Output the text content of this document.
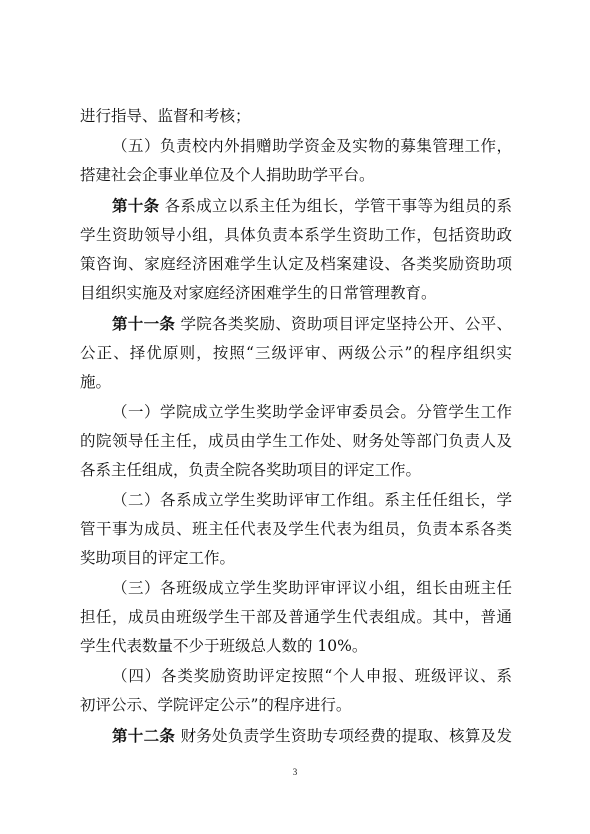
进行指导、监督和考核；
（五）负责校内外捐赠助学资金及实物的募集管理工作，
搭建社会企事业单位及个人捐助助学平台。
第十条 各系成立以系主任为组长，学管干事等为组员的系
学生资助领导小组，具体负责本系学生资助工作，包括资助政
策咨询、家庭经济困难学生认定及档案建设、各类奖励资助项
目组织实施及对家庭经济困难学生的日常管理教育。
第十一条 学院各类奖励、资助项目评定坚持公开、公平、
公正、择优原则，按照“三级评审、两级公示”的程序组织实
施。
（一）学院成立学生奖助学金评审委员会。分管学生工作
的院领导任主任，成员由学生工作处、财务处等部门负责人及
各系主任组成，负责全院各奖助项目的评定工作。
（二）各系成立学生奖助评审工作组。系主任任组长，学
管干事为成员、班主任代表及学生代表为组员，负责本系各类
奖助项目的评定工作。
（三）各班级成立学生奖助评审评议小组，组长由班主任
担任，成员由班级学生干部及普通学生代表组成。其中，普通
学生代表数量不少于班级总人数的 10%。
（四）各类奖励资助评定按照“个人申报、班级评议、系
初评公示、学院评定公示”的程序进行。
第十二条 财务处负责学生资助专项经费的提取、核算及发
3
